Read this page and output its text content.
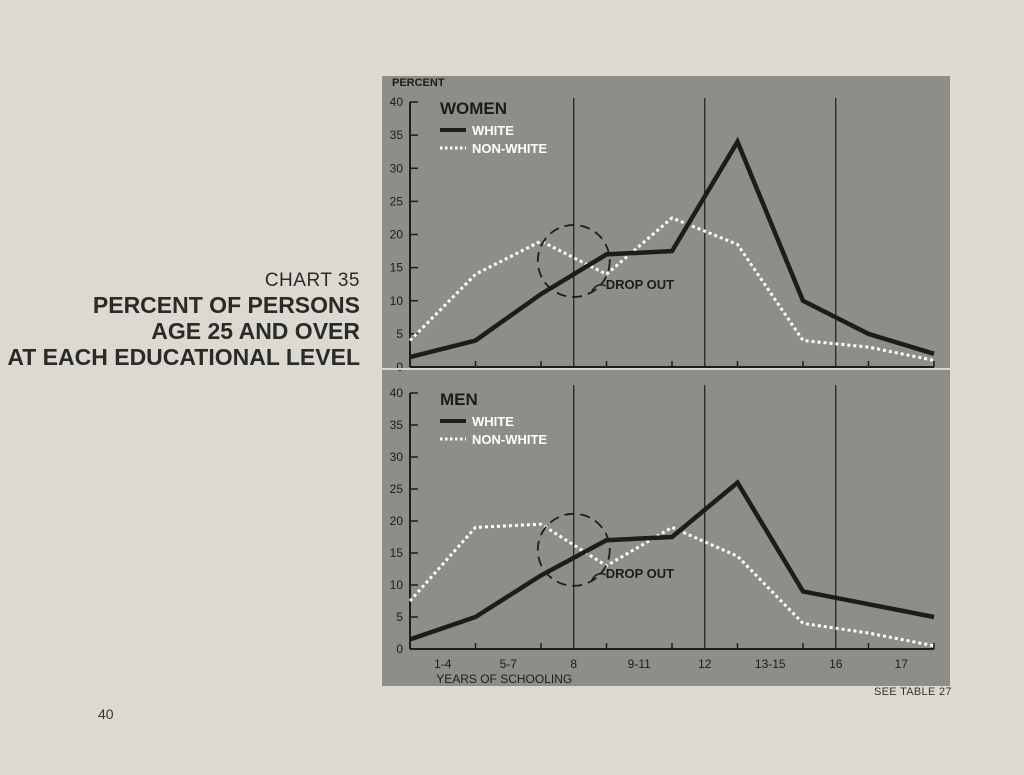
CHART 35
PERCENT OF PERSONS
AGE 25 AND OVER
AT EACH EDUCATIONAL LEVEL	0
5
10
15
20
25
30
35
40
PERCENT
WOMEN
WHITE
NON-WHITE
DROP OUT
0
5
10
15
20
25
30
35
40 MEN
WHITE
NON-WHITE
DROP OUT
1-4	5-7	8	9-11	12	13-15	16	17
YEARS OF SCHOOLING
SEE TABLE 27
40
